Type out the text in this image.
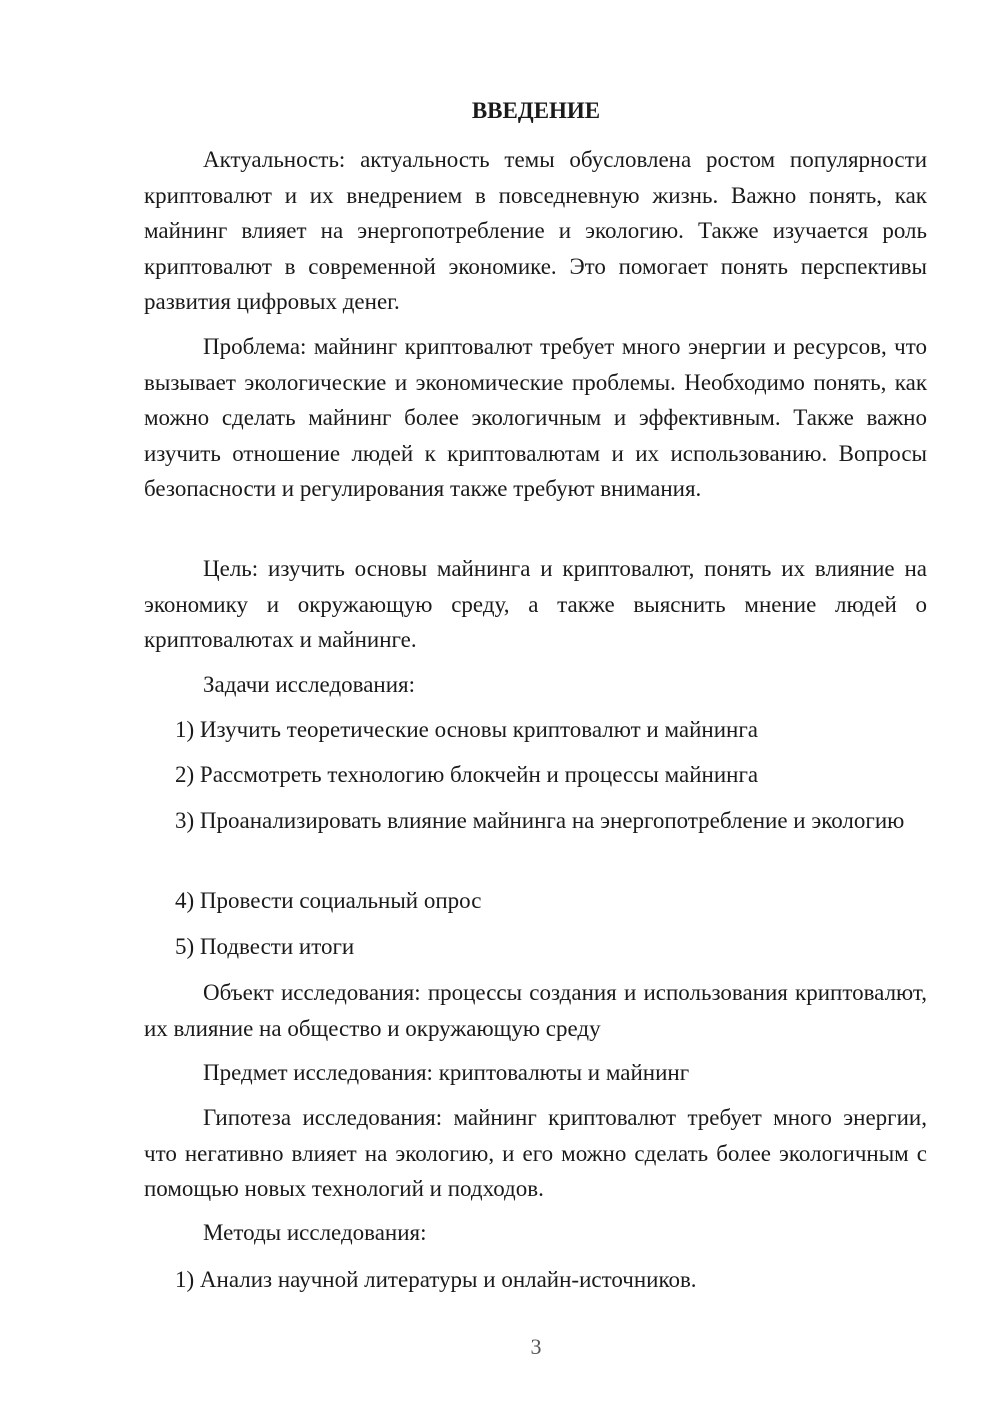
ВВЕДЕНИЕ

Актуальность: актуальность темы обусловлена ростом популярности криптовалют и их внедрением в повседневную жизнь. Важно понять, как майнинг влияет на энергопотребление и экологию. Также изучается роль криптовалют в современной экономике. Это помогает понять перспективы развития цифровых денег.

Проблема: майнинг криптовалют требует много энергии и ресурсов, что вызывает экологические и экономические проблемы. Необходимо понять, как можно сделать майнинг более экологичным и эффективным. Также важно изучить отношение людей к криптовалютам и их использованию. Вопросы безопасности и регулирования также требуют внимания.

Цель: изучить основы майнинга и криптовалют, понять их влияние на экономику и окружающую среду, а также выяснить мнение людей о криптовалютах и майнинге.

Задачи исследования:

1) Изучить теоретические основы криптовалют и майнинга

2) Рассмотреть технологию блокчейн и процессы майнинга

3) Проанализировать влияние майнинга на энергопотребление и экологию

4) Провести социальный опрос

5) Подвести итоги

Объект исследования: процессы создания и использования криптовалют, их влияние на общество и окружающую среду

Предмет исследования: криптовалюты и майнинг

Гипотеза исследования: майнинг криптовалют требует много энергии, что негативно влияет на экологию, и его можно сделать более экологичным с помощью новых технологий и подходов.

Методы исследования:

1) Анализ научной литературы и онлайн-источников.

3
